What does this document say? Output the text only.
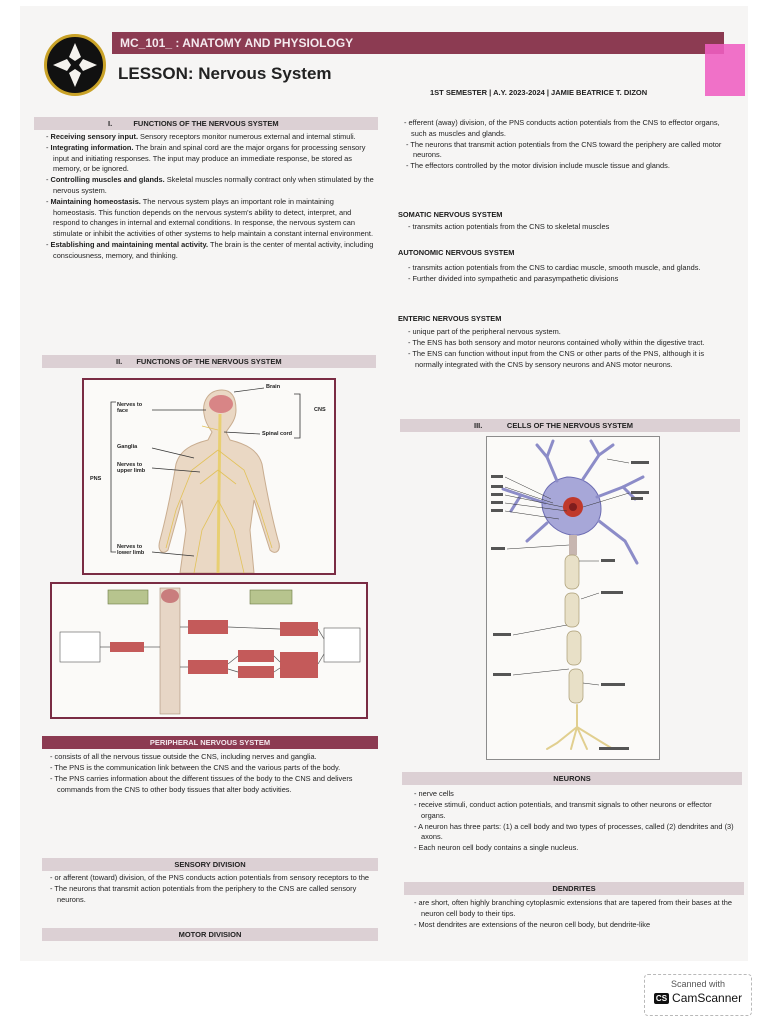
MC_101_ : ANATOMY AND PHYSIOLOGY
LESSON: Nervous System
1ST SEMESTER | A.Y. 2023-2024 | JAMIE BEATRICE T. DIZON
I.	FUNCTIONS OF THE NERVOUS SYSTEM
- Receiving sensory input. Sensory receptors monitor numerous external and internal stimuli.
- Integrating information. The brain and spinal cord are the major organs for processing sensory input and initiating responses. The input may produce an immediate response, be stored as memory, or be ignored.
- Controlling muscles and glands. Skeletal muscles normally contract only when stimulated by the nervous system.
- Maintaining homeostasis. The nervous system plays an important role in maintaining homeostasis. This function depends on the nervous system's ability to detect, interpret, and respond to changes in internal and external conditions. In response, the nervous system can stimulate or inhibit the activities of other systems to help maintain a constant internal environment.
- Establishing and maintaining mental activity. The brain is the center of mental activity, including consciousness, memory, and thinking.
II. FUNCTIONS OF THE NERVOUS SYSTEM
Brain
CNS
Nerves to face
Spinal cord
Ganglia
Nerves to upper limb
PNS
Nerves to lower limb
PERIPHERAL NERVOUS SYSTEM
- consists of all the nervous tissue outside the CNS, including nerves and ganglia.
- The PNS is the communication link between the CNS and the various parts of the body.
- The PNS carries information about the different tissues of the body to the CNS and delivers commands from the CNS to other body tissues that alter body activities.
SENSORY DIVISION
- or afferent (toward) division, of the PNS conducts action potentials from sensory receptors to the
- The neurons that transmit action potentials from the periphery to the CNS are called sensory neurons.
MOTOR DIVISION
- efferent (away) division, of the PNS conducts action potentials from the CNS to effector organs, such as muscles and glands.
- The neurons that transmit action potentials from the CNS toward the periphery are called motor neurons.
- The effectors controlled by the motor division include muscle tissue and glands.
SOMATIC NERVOUS SYSTEM
- transmits action potentials from the CNS to skeletal muscles
AUTONOMIC NERVOUS SYSTEM
- transmits action potentials from the CNS to cardiac muscle, smooth muscle, and glands.
- Further divided into sympathetic and parasympathetic divisions
ENTERIC NERVOUS SYSTEM
- unique part of the peripheral nervous system.
- The ENS has both sensory and motor neurons contained wholly within the digestive tract.
- The ENS can function without input from the CNS or other parts of the PNS, although it is normally integrated with the CNS by sensory neurons and ANS motor neurons.
III.	CELLS OF THE NERVOUS SYSTEM
NEURONS
- nerve cells
- receive stimuli, conduct action potentials, and transmit signals to other neurons or effector organs.
- A neuron has three parts: (1) a cell body and two types of processes, called (2) dendrites and (3) axons.
- Each neuron cell body contains a single nucleus.
DENDRITES
- are short, often highly branching cytoplasmic extensions that are tapered from their bases at the neuron cell body to their tips.
- Most dendrites are extensions of the neuron cell body, but dendrite-like
Scanned with
CS CamScanner
